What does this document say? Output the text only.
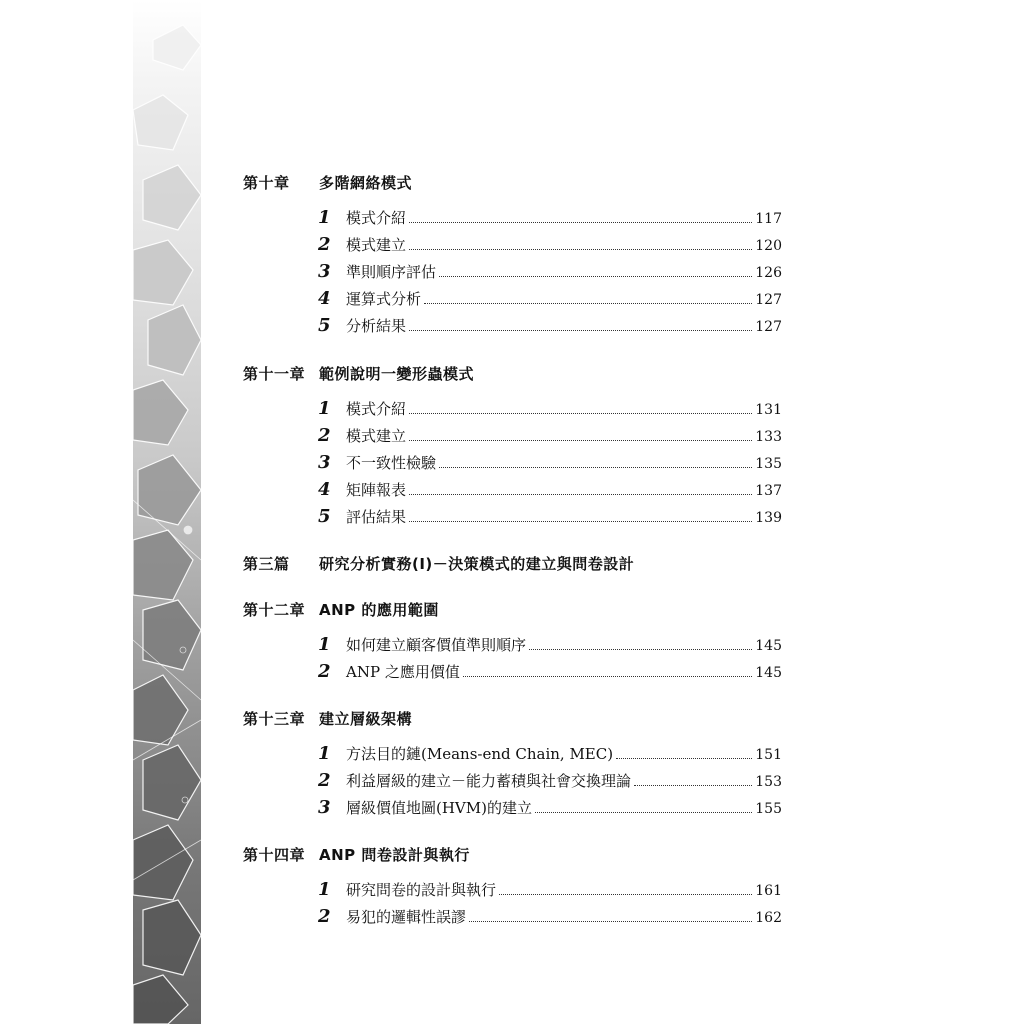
第十章 多階網絡模式
1	模式介紹	117
2	模式建立	120
3	準則順序評估	126
4	運算式分析	127
5	分析結果	127
第十一章 範例說明一變形蟲模式
1	模式介紹	131
2	模式建立	133
3	不一致性檢驗	135
4	矩陣報表	137
5	評估結果	139
第三篇 研究分析實務(I)－決策模式的建立與問卷設計
第十二章 ANP 的應用範圍
1	如何建立顧客價值準則順序	145
2	ANP 之應用價值	145
第十三章 建立層級架構
1	方法目的鏈(Means-end Chain, MEC)	151
2	利益層級的建立－能力蓄積與社會交換理論	153
3	層級價值地圖(HVM)的建立	155
第十四章 ANP 問卷設計與執行
1	研究問卷的設計與執行	161
2	易犯的邏輯性誤謬	162
